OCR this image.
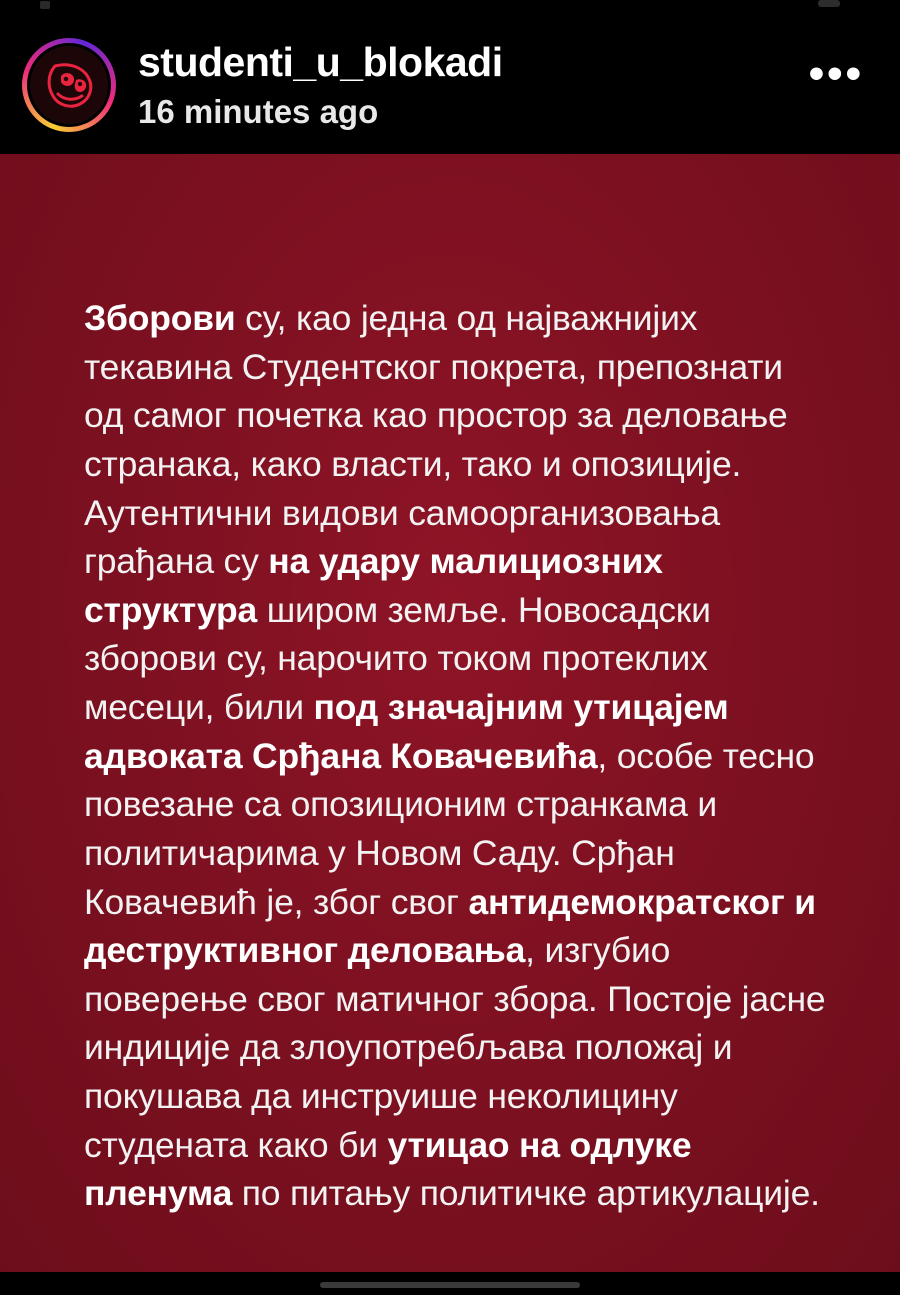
studenti_u_blokadi
16 minutes ago
•••
Зборови су, као једна од најважнијих текавина Студентског покрета, препознати од самог почетка као простор за деловање странака, како власти, тако и опозиције. Аутентични видови самоорганизовања грађана су на удару малициозних структура широм земље. Новосадски зборови су, нарочито током протеклих месеци, били под значајним утицајем адвоката Срђана Ковачевића, особе тесно повезане са опозиционим странкама и политичарима у Новом Саду. Срђан Ковачевић је, због свог антидемократског и деструктивног деловања, изгубио поверење свог матичног збора. Постоје јасне индиције да злоупотребљава положај и покушава да инструише неколицину студената како би утицао на одлуке пленума по питању политичке артикулације.
